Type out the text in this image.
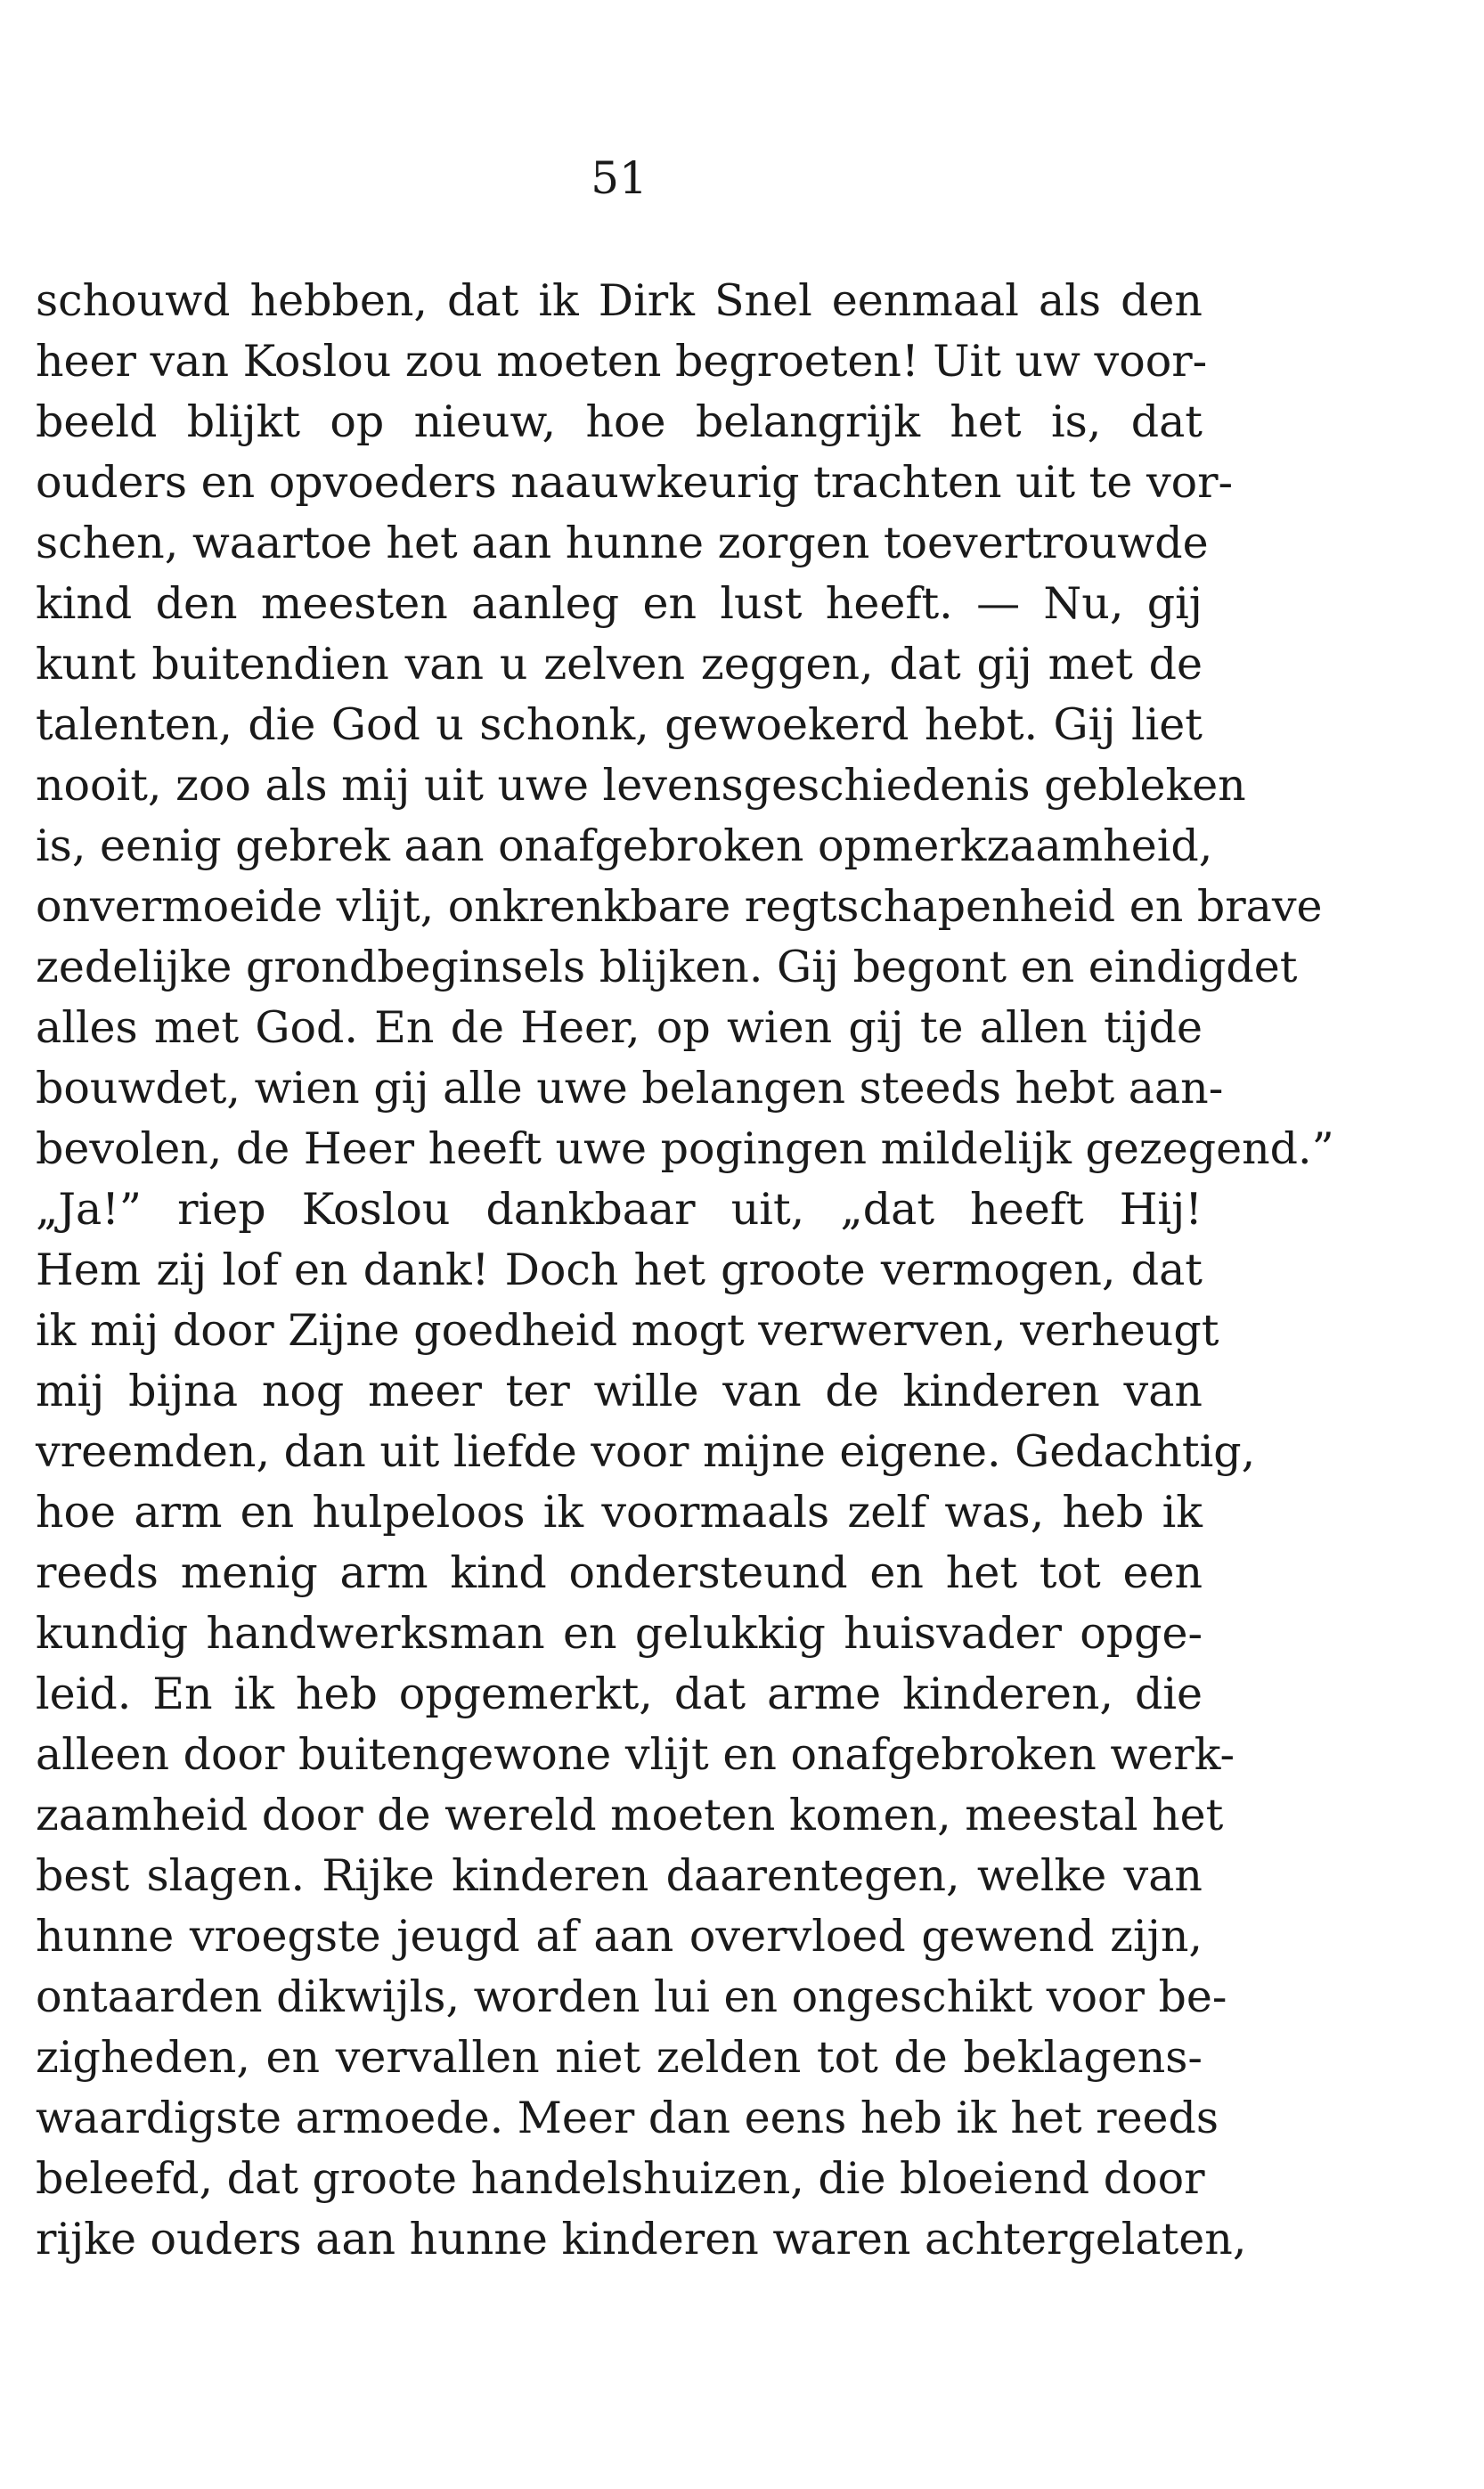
51
schouwd hebben, dat ik Dirk Snel eenmaal als den
heer van Koslou zou moeten begroeten! Uit uw voor-
beeld blijkt op nieuw, hoe belangrijk het is, dat
ouders en opvoeders naauwkeurig trachten uit te vor-
schen, waartoe het aan hunne zorgen toevertrouwde
kind den meesten aanleg en lust heeft. — Nu, gij
kunt buitendien van u zelven zeggen, dat gij met de
talenten, die God u schonk, gewoekerd hebt. Gij liet
nooit, zoo als mij uit uwe levensgeschiedenis gebleken
is, eenig gebrek aan onafgebroken opmerkzaamheid,
onvermoeide vlijt, onkrenkbare regtschapenheid en brave
zedelijke grondbeginsels blijken. Gij begont en eindigdet
alles met God. En de Heer, op wien gij te allen tijde
bouwdet, wien gij alle uwe belangen steeds hebt aan-
bevolen, de Heer heeft uwe pogingen mildelijk gezegend.”
„Ja!” riep Koslou dankbaar uit, „dat heeft Hij!
Hem zij lof en dank! Doch het groote vermogen, dat
ik mij door Zijne goedheid mogt verwerven, verheugt
mij bijna nog meer ter wille van de kinderen van
vreemden, dan uit liefde voor mijne eigene. Gedachtig,
hoe arm en hulpeloos ik voormaals zelf was, heb ik
reeds menig arm kind ondersteund en het tot een
kundig handwerksman en gelukkig huisvader opge-
leid. En ik heb opgemerkt, dat arme kinderen, die
alleen door buitengewone vlijt en onafgebroken werk-
zaamheid door de wereld moeten komen, meestal het
best slagen. Rijke kinderen daarentegen, welke van
hunne vroegste jeugd af aan overvloed gewend zijn,
ontaarden dikwijls, worden lui en ongeschikt voor be-
zigheden, en vervallen niet zelden tot de beklagens-
waardigste armoede. Meer dan eens heb ik het reeds
beleefd, dat groote handelshuizen, die bloeiend door
rijke ouders aan hunne kinderen waren achtergelaten,
